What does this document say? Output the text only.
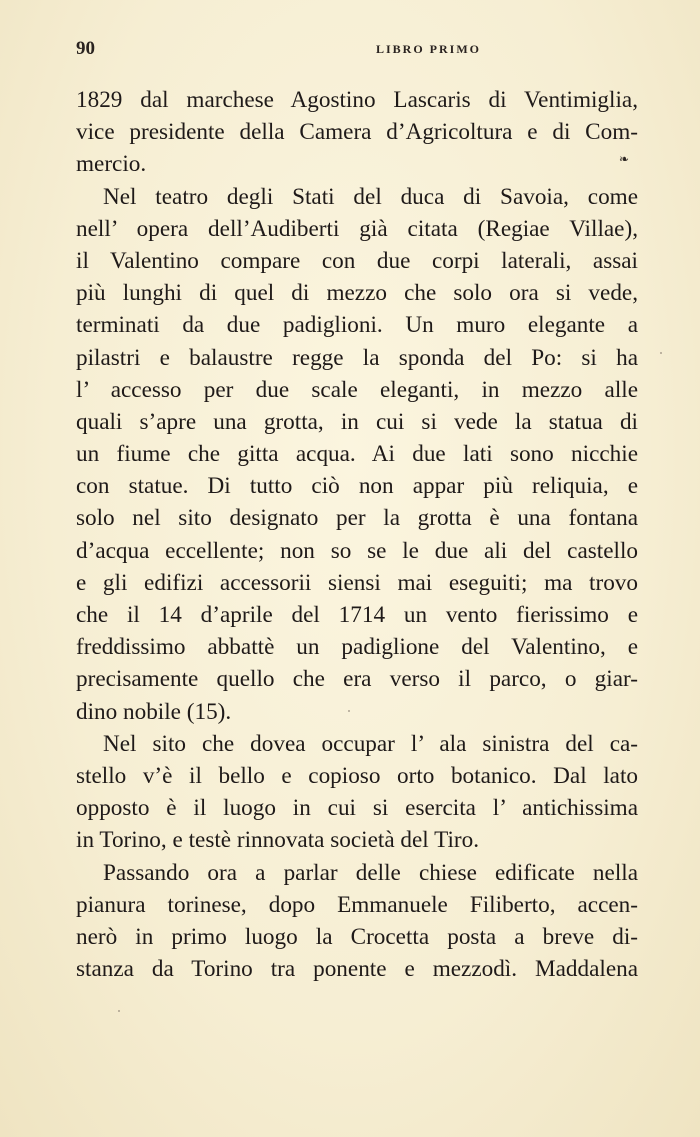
90	LIBRO PRIMO
❧
1829 dal marchese Agostino Lascaris di Ventimiglia,
vice presidente della Camera d’Agricoltura e di Com-
mercio.
Nel teatro degli Stati del duca di Savoia, come
nell’ opera dell’Audiberti già citata (Regiae Villae),
il Valentino compare con due corpi laterali, assai
più lunghi di quel di mezzo che solo ora si vede,
terminati da due padiglioni. Un muro elegante a
pilastri e balaustre regge la sponda del Po: si ha
l’ accesso per due scale eleganti, in mezzo alle
quali s’apre una grotta, in cui si vede la statua di
un fiume che gitta acqua. Ai due lati sono nicchie
con statue. Di tutto ciò non appar più reliquia, e
solo nel sito designato per la grotta è una fontana
d’acqua eccellente; non so se le due ali del castello
e gli edifizi accessorii siensi mai eseguiti; ma trovo
che il 14 d’aprile del 1714 un vento fierissimo e
freddissimo abbattè un padiglione del Valentino, e
precisamente quello che era verso il parco, o giar-
dino nobile (15).
Nel sito che dovea occupar l’ ala sinistra del ca-
stello v’è il bello e copioso orto botanico. Dal lato
opposto è il luogo in cui si esercita l’ antichissima
in Torino, e testè rinnovata società del Tiro.
Passando ora a parlar delle chiese edificate nella
pianura torinese, dopo Emmanuele Filiberto, accen-
nerò in primo luogo la Crocetta posta a breve di-
stanza da Torino tra ponente e mezzodì. Maddalena
